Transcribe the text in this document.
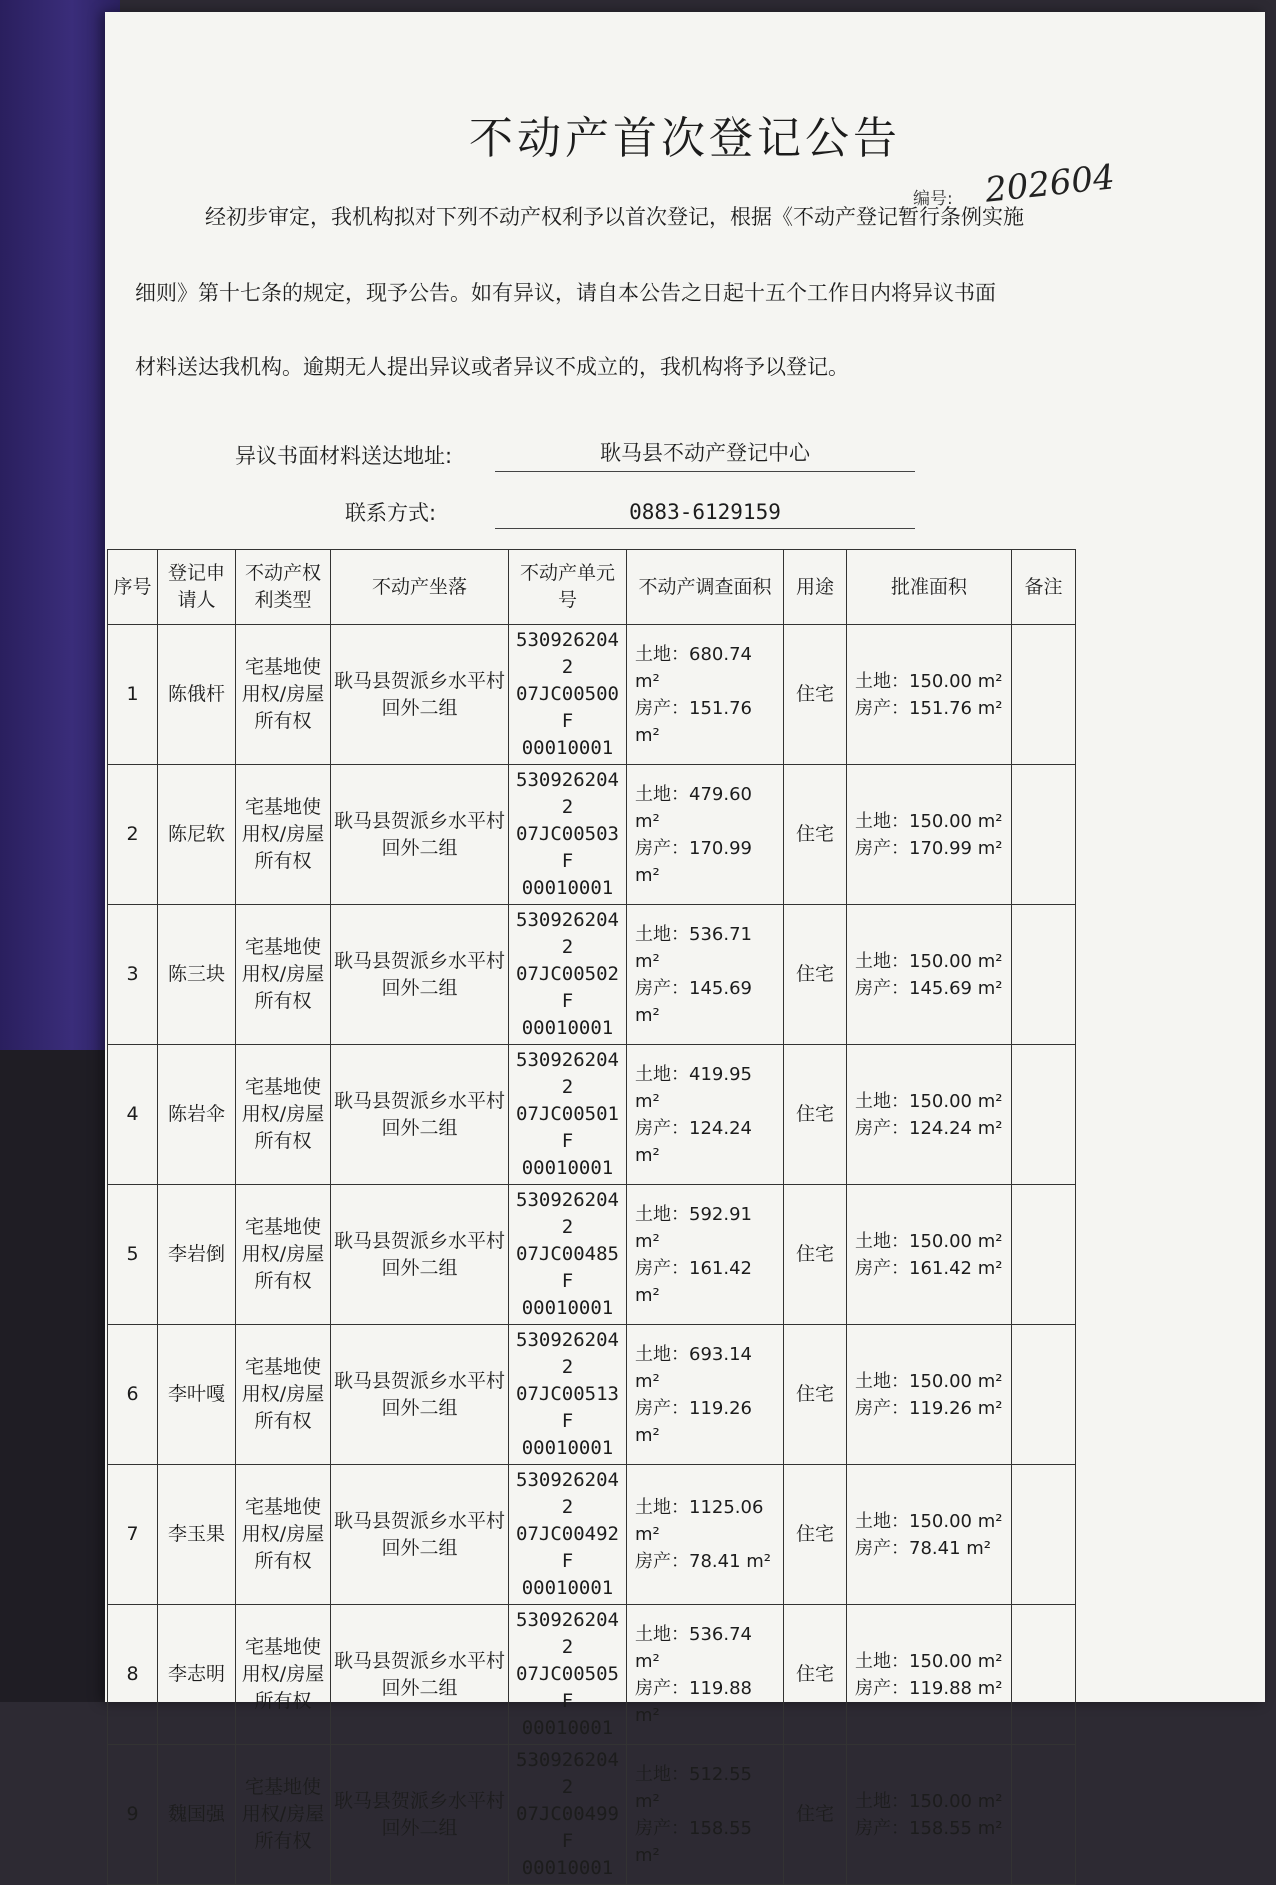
不动产首次登记公告
编号: 202604
经初步审定，我机构拟对下列不动产权利予以首次登记，根据《不动产登记暂行条例实施
细则》第十七条的规定，现予公告。如有异议，请自本公告之日起十五个工作日内将异议书面
材料送达我机构。逾期无人提出异议或者异议不成立的，我机构将予以登记。
异议书面材料送达地址:	耿马县不动产登记中心
联系方式:	0883-6129159
序号	登记申请人	不动产权利类型	不动产坐落	不动产单元号	不动产调查面积	用途	批准面积	备注
1	陈俄杆	宅基地使用权/房屋所有权	耿马县贺派乡水平村回外二组	5309262042
07JC00500F
00010001	土地：680.74 m²
房产：151.76 m²	住宅	土地：150.00 m²
房产：151.76 m²	

2	陈尼软	宅基地使用权/房屋所有权	耿马县贺派乡水平村回外二组	5309262042
07JC00503F
00010001	土地：479.60 m²
房产：170.99 m²	住宅	土地：150.00 m²
房产：170.99 m²	

3	陈三块	宅基地使用权/房屋所有权	耿马县贺派乡水平村回外二组	5309262042
07JC00502F
00010001	土地：536.71 m²
房产：145.69 m²	住宅	土地：150.00 m²
房产：145.69 m²	

4	陈岩伞	宅基地使用权/房屋所有权	耿马县贺派乡水平村回外二组	5309262042
07JC00501F
00010001	土地：419.95 m²
房产：124.24 m²	住宅	土地：150.00 m²
房产：124.24 m²	

5	李岩倒	宅基地使用权/房屋所有权	耿马县贺派乡水平村回外二组	5309262042
07JC00485F
00010001	土地：592.91 m²
房产：161.42 m²	住宅	土地：150.00 m²
房产：161.42 m²	

6	李叶嘎	宅基地使用权/房屋所有权	耿马县贺派乡水平村回外二组	5309262042
07JC00513F
00010001	土地：693.14 m²
房产：119.26 m²	住宅	土地：150.00 m²
房产：119.26 m²	

7	李玉果	宅基地使用权/房屋所有权	耿马县贺派乡水平村回外二组	5309262042
07JC00492F
00010001	土地：1125.06 m²
房产：78.41 m²	住宅	土地：150.00 m²
房产：78.41 m²	

8	李志明	宅基地使用权/房屋所有权	耿马县贺派乡水平村回外二组	5309262042
07JC00505F
00010001	土地：536.74 m²
房产：119.88 m²	住宅	土地：150.00 m²
房产：119.88 m²	

9	魏国强	宅基地使用权/房屋所有权	耿马县贺派乡水平村回外二组	5309262042
07JC00499F
00010001	土地：512.55 m²
房产：158.55 m²	住宅	土地：150.00 m²
房产：158.55 m²	
